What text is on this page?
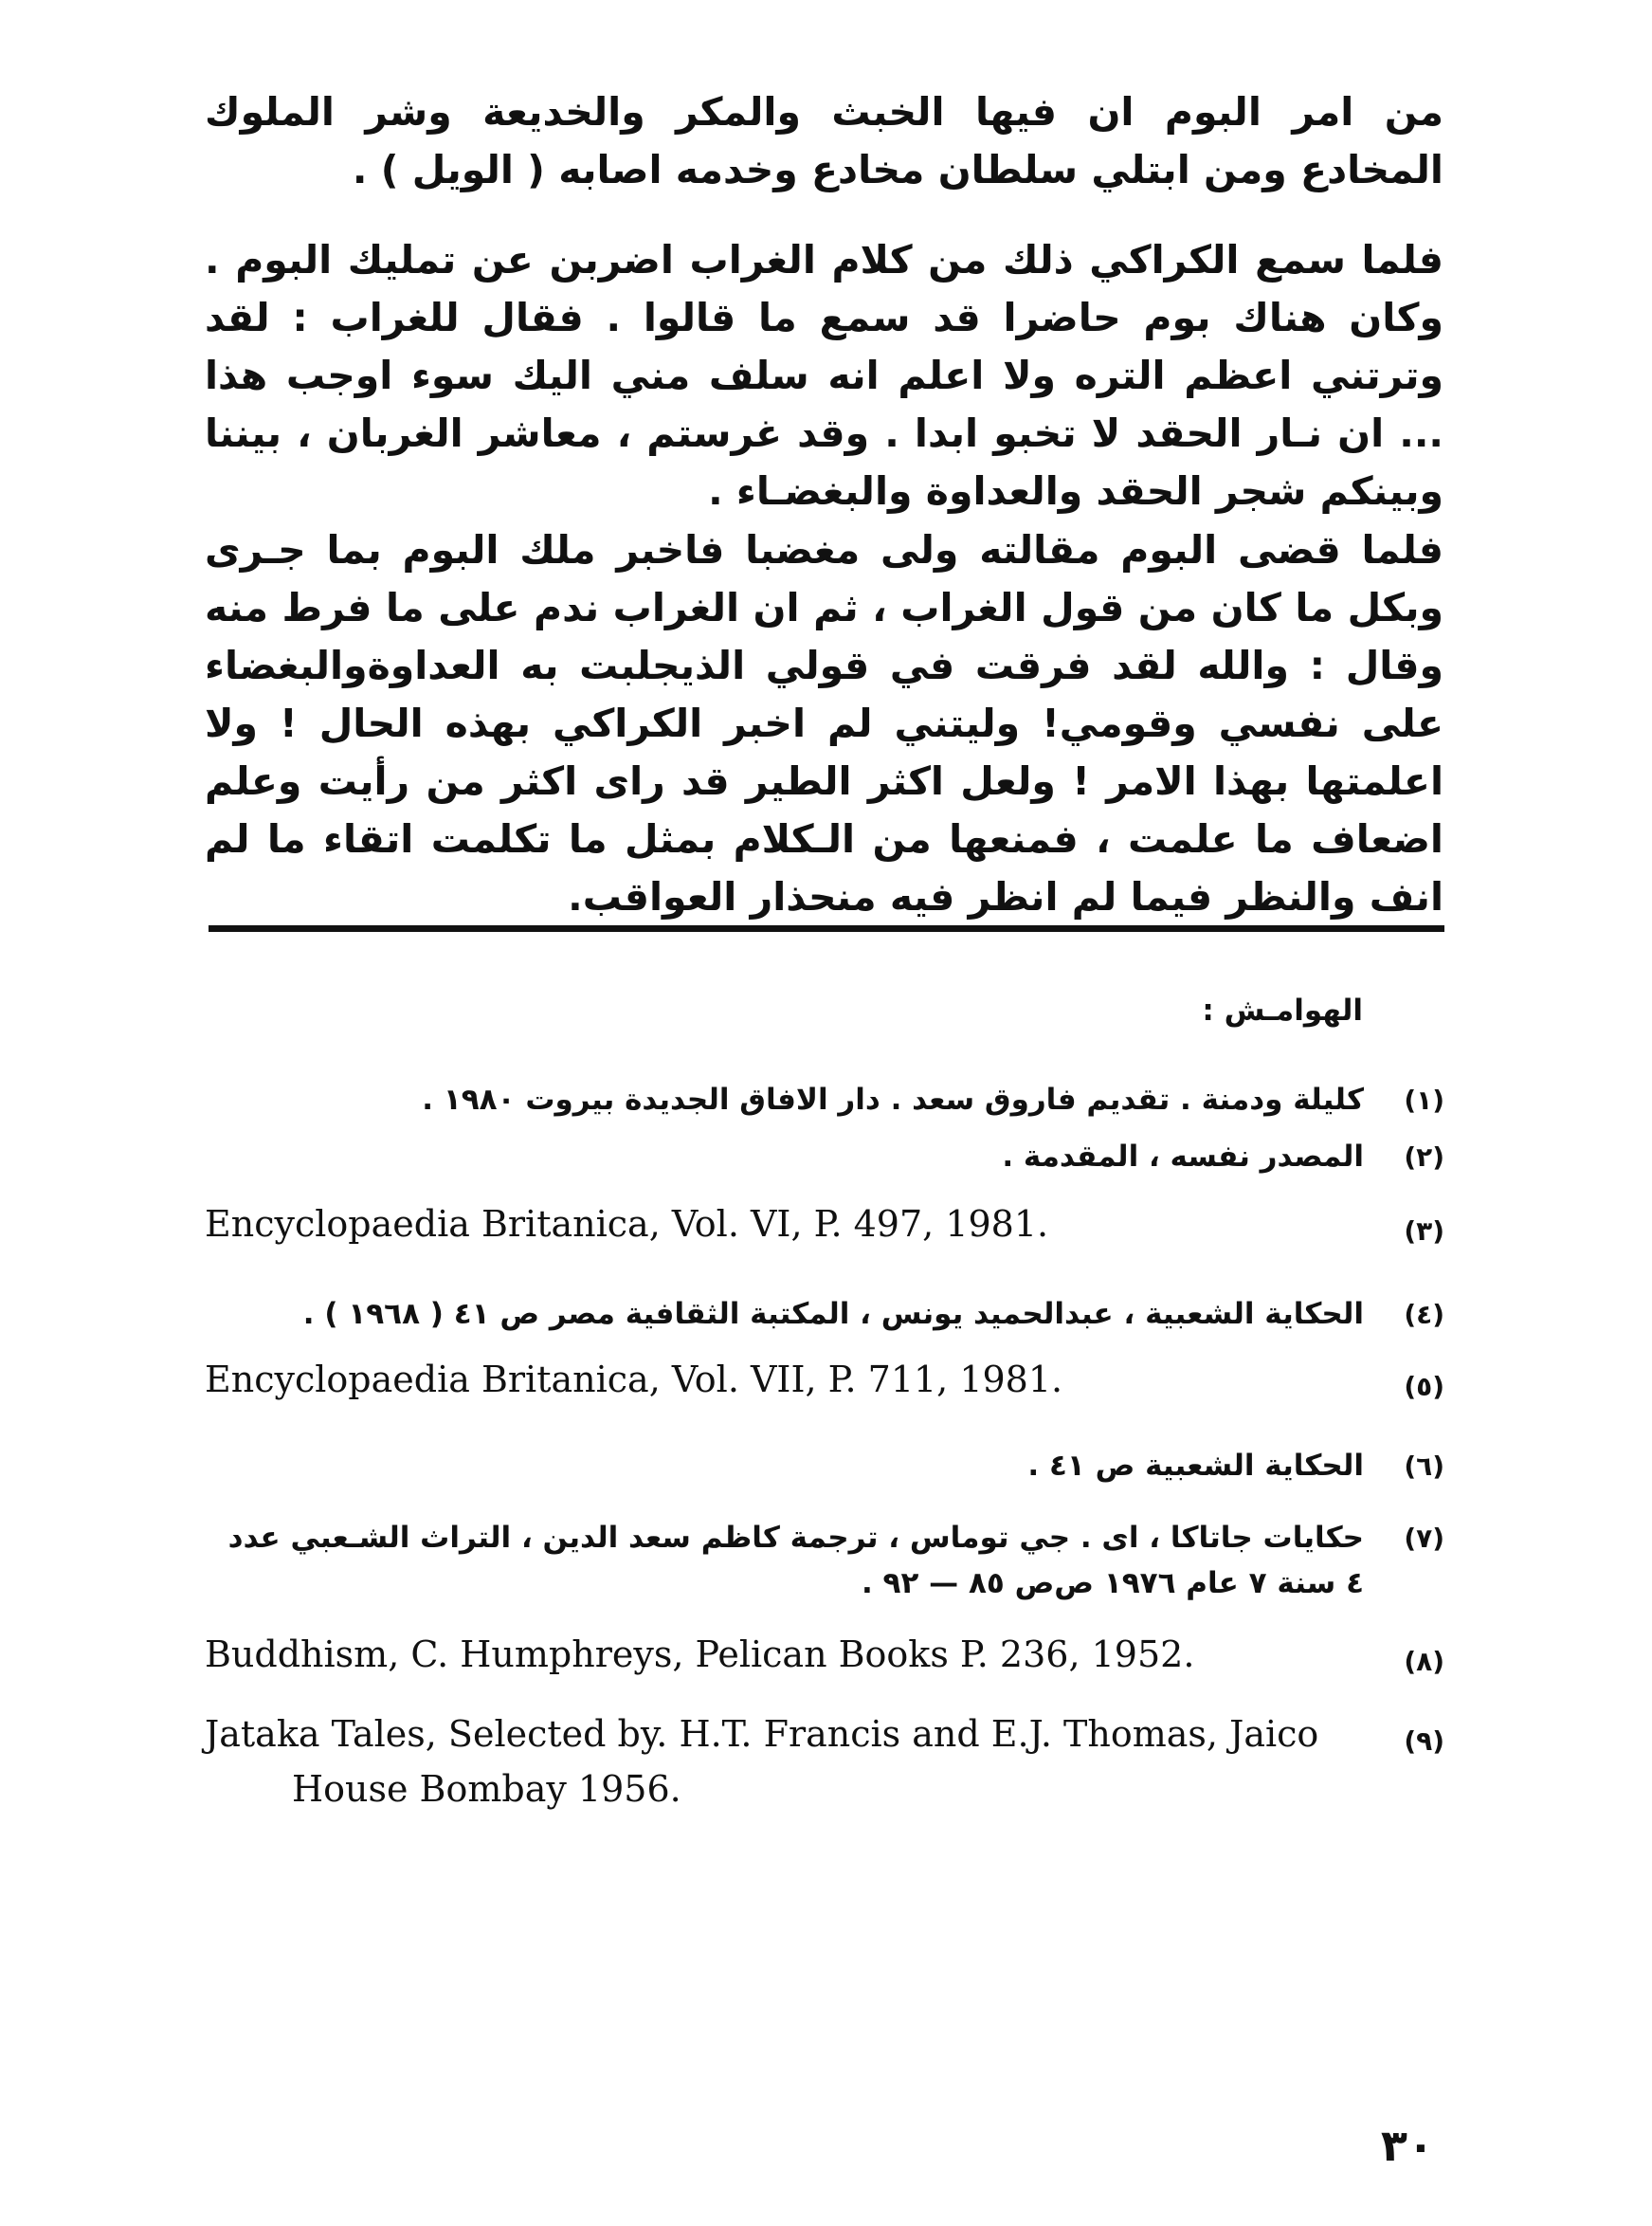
من امر البوم ان فيها الخبث والمكر والخديعة وشر الملوك المخادع ومن ابتلي سلطان مخادع وخدمه اصابه ( الويل ) .

فلما سمع الكراكي ذلك من كلام الغراب اضربن عن تمليك البوم . وكان هناك بوم حاضرا قد سمع ما قالوا . فقال للغراب : لقد وترتني اعظم التره ولا اعلم انه سلف مني اليك سوء اوجب هذا ... ان نـار الحقد لا تخبو ابدا . وقد غرستم ، معاشر الغربان ، بيننا وبينكم شجر الحقد والعداوة والبغضـاء .

فلما قضى البوم مقالته ولى مغضبا فاخبر ملك البوم بما جـرى وبكل ما كان من قول الغراب ، ثم ان الغراب ندم على ما فرط منه وقال : والله لقد فرقت في قولي الذيجلبت به العداوةوالبغضاء على نفسي وقومي! وليتني لم اخبر الكراكي بهذه الحال ! ولا اعلمتها بهذا الامر ! ولعل اكثر الطير قد راى اكثر من رأيت وعلم اضعاف ما علمت ، فمنعها من الـكلام بمثل ما تكلمت اتقاء ما لم انف والنظر فيما لم انظر فيه منحذار العواقب.

الهوامـش :

(١)
كليلة ودمنة . تقديم فاروق سعد . دار الافاق الجديدة بيروت ١٩٨٠ .
(٢)
المصدر نفسه ، المقدمة .
(٣)
Encyclopaedia Britanica, Vol. VI, P. 497, 1981.
(٤)
الحكاية الشعبية ، عبدالحميد يونس ، المكتبة الثقافية مصر ص ٤١ ( ١٩٦٨ ) .
(٥)
Encyclopaedia Britanica, Vol. VII, P. 711, 1981.
(٦)
الحكاية الشعبية ص ٤١ .
(٧)
حكايات جاتاكا ، اى . جي توماس ، ترجمة كاظم سعد الدين ، التراث الشـعبي عدد ٤ سنة ٧ عام ١٩٧٦ ص‌ص ٨٥ — ٩٢ .
(٨)
Buddhism, C. Humphreys, Pelican Books P. 236, 1952.
(٩)
Jataka Tales, Selected by. H.T. Francis and E.J. Thomas, Jaico House Bombay 1956.

٣٠
